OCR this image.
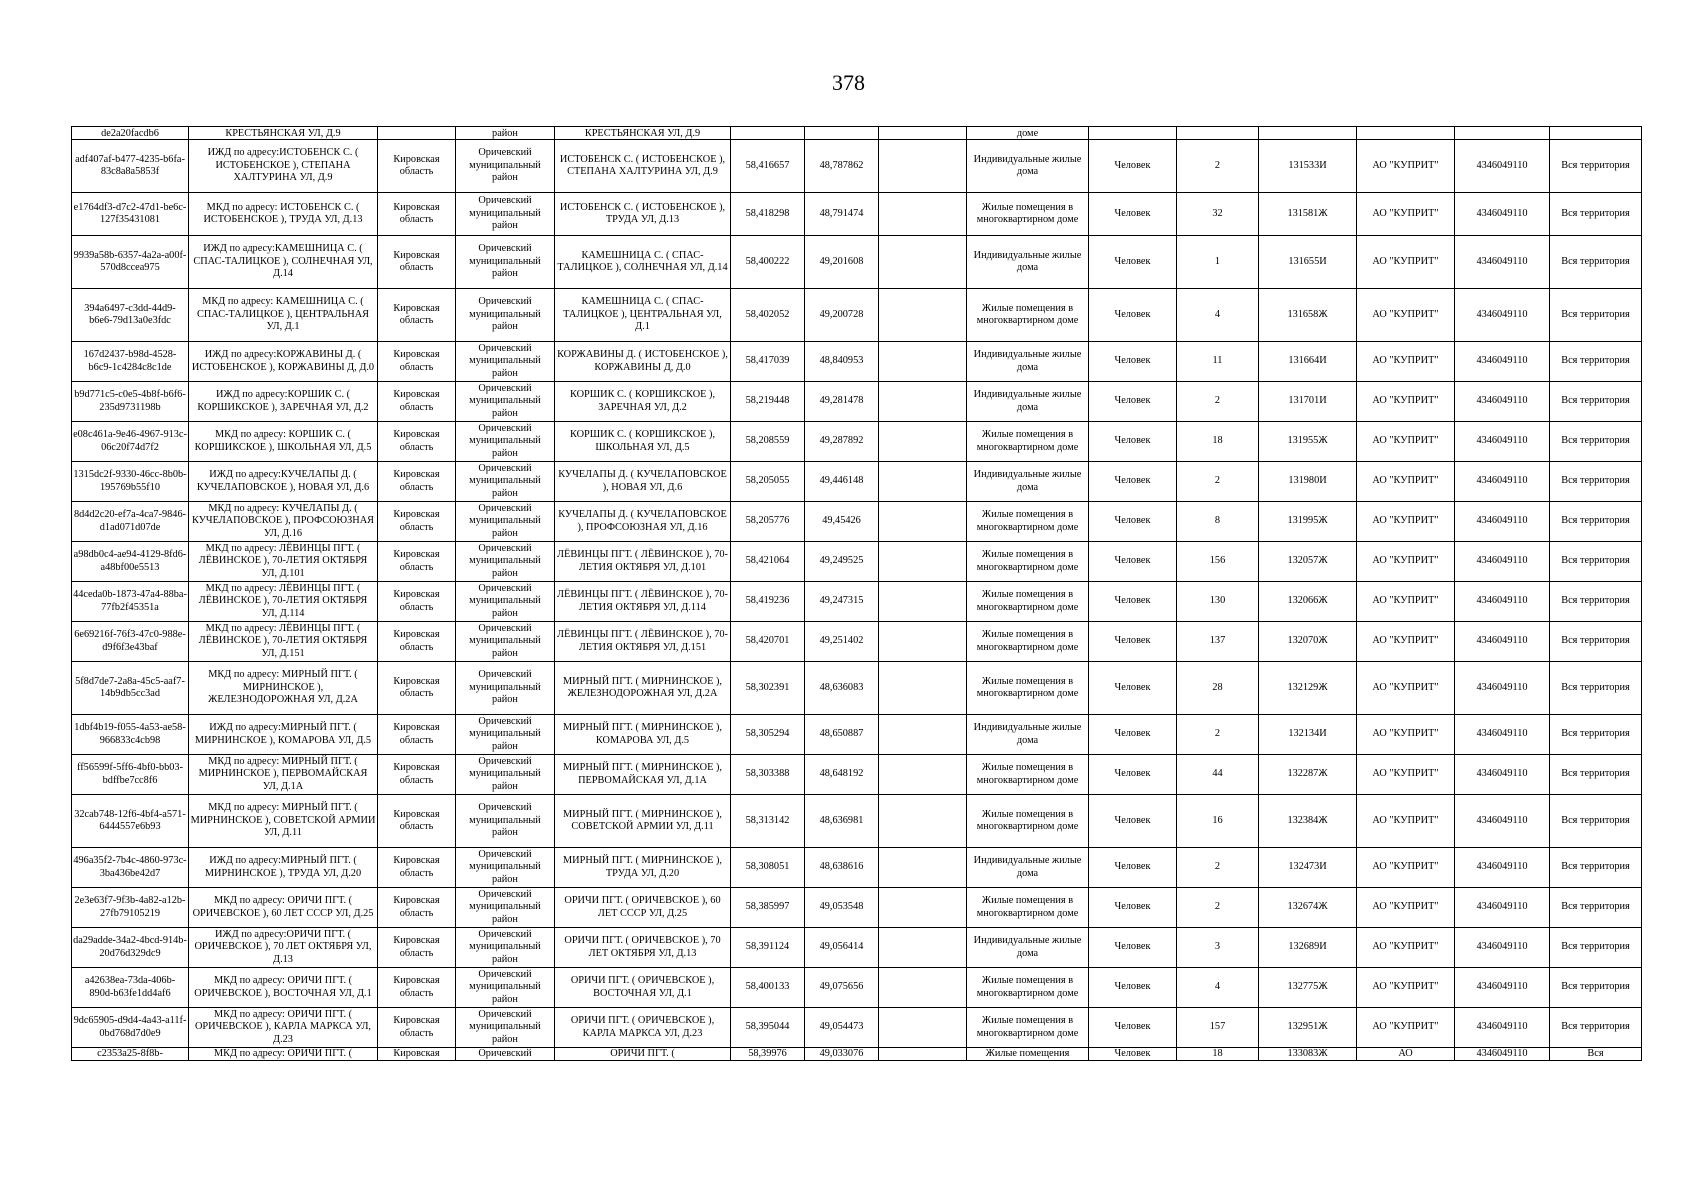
378
de2a20facdb6	КРЕСТЬЯНСКАЯ УЛ, Д.9		район	КРЕСТЬЯНСКАЯ УЛ, Д.9				доме						
adf407af-b477-4235-b6fa-83c8a8a5853f	ИЖД по адресу:ИСТОБЕНСК С. ( ИСТОБЕНСКОЕ ), СТЕПАНА ХАЛТУРИНА УЛ, Д.9	Кировская область	Оричевский муниципальный район	ИСТОБЕНСК С. ( ИСТОБЕНСКОЕ ), СТЕПАНА ХАЛТУРИНА УЛ, Д.9	58,416657	48,787862		Индивидуальные жилые дома	Человек	2	131533И	АО "КУПРИТ"	4346049110	Вся территория
e1764df3-d7c2-47d1-be6c-127f35431081	МКД по адресу: ИСТОБЕНСК С. ( ИСТОБЕНСКОЕ ), ТРУДА УЛ, Д.13	Кировская область	Оричевский муниципальный район	ИСТОБЕНСК С. ( ИСТОБЕНСКОЕ ), ТРУДА УЛ, Д.13	58,418298	48,791474		Жилые помещения в многоквартирном доме	Человек	32	131581Ж	АО "КУПРИТ"	4346049110	Вся территория
9939a58b-6357-4a2a-a00f-570d8ccea975	ИЖД по адресу:КАМЕШНИЦА С. ( СПАС-ТАЛИЦКОЕ ), СОЛНЕЧНАЯ УЛ, Д.14	Кировская область	Оричевский муниципальный район	КАМЕШНИЦА С. ( СПАС-ТАЛИЦКОЕ ), СОЛНЕЧНАЯ УЛ, Д.14	58,400222	49,201608		Индивидуальные жилые дома	Человек	1	131655И	АО "КУПРИТ"	4346049110	Вся территория
394a6497-c3dd-44d9-b6e6-79d13a0e3fdc	МКД по адресу: КАМЕШНИЦА С. ( СПАС-ТАЛИЦКОЕ ), ЦЕНТРАЛЬНАЯ УЛ, Д.1	Кировская область	Оричевский муниципальный район	КАМЕШНИЦА С. ( СПАС-ТАЛИЦКОЕ ), ЦЕНТРАЛЬНАЯ УЛ, Д.1	58,402052	49,200728		Жилые помещения в многоквартирном доме	Человек	4	131658Ж	АО "КУПРИТ"	4346049110	Вся территория
167d2437-b98d-4528-b6c9-1c4284c8c1de	ИЖД по адресу:КОРЖАВИНЫ Д. ( ИСТОБЕНСКОЕ ), КОРЖАВИНЫ Д, Д.0	Кировская область	Оричевский муниципальный район	КОРЖАВИНЫ Д. ( ИСТОБЕНСКОЕ ), КОРЖАВИНЫ Д, Д.0	58,417039	48,840953		Индивидуальные жилые дома	Человек	11	131664И	АО "КУПРИТ"	4346049110	Вся территория
b9d771c5-c0e5-4b8f-b6f6-235d9731198b	ИЖД по адресу:КОРШИК С. ( КОРШИКСКОЕ ), ЗАРЕЧНАЯ УЛ, Д.2	Кировская область	Оричевский муниципальный район	КОРШИК С. ( КОРШИКСКОЕ ), ЗАРЕЧНАЯ УЛ, Д.2	58,219448	49,281478		Индивидуальные жилые дома	Человек	2	131701И	АО "КУПРИТ"	4346049110	Вся территория
e08c461a-9e46-4967-913c-06c20f74d7f2	МКД по адресу: КОРШИК С. ( КОРШИКСКОЕ ), ШКОЛЬНАЯ УЛ, Д.5	Кировская область	Оричевский муниципальный район	КОРШИК С. ( КОРШИКСКОЕ ), ШКОЛЬНАЯ УЛ, Д.5	58,208559	49,287892		Жилые помещения в многоквартирном доме	Человек	18	131955Ж	АО "КУПРИТ"	4346049110	Вся территория
1315dc2f-9330-46cc-8b0b-195769b55f10	ИЖД по адресу:КУЧЕЛАПЫ Д. ( КУЧЕЛАПОВСКОЕ ), НОВАЯ УЛ, Д.6	Кировская область	Оричевский муниципальный район	КУЧЕЛАПЫ Д. ( КУЧЕЛАПОВСКОЕ ), НОВАЯ УЛ, Д.6	58,205055	49,446148		Индивидуальные жилые дома	Человек	2	131980И	АО "КУПРИТ"	4346049110	Вся территория
8d4d2c20-ef7a-4ca7-9846-d1ad071d07de	МКД по адресу: КУЧЕЛАПЫ Д. ( КУЧЕЛАПОВСКОЕ ), ПРОФСОЮЗНАЯ УЛ, Д.16	Кировская область	Оричевский муниципальный район	КУЧЕЛАПЫ Д. ( КУЧЕЛАПОВСКОЕ ), ПРОФСОЮЗНАЯ УЛ, Д.16	58,205776	49,45426		Жилые помещения в многоквартирном доме	Человек	8	131995Ж	АО "КУПРИТ"	4346049110	Вся территория
a98db0c4-ae94-4129-8fd6-a48bf00e5513	МКД по адресу: ЛЁВИНЦЫ ПГТ. ( ЛЁВИНСКОЕ ), 70-ЛЕТИЯ ОКТЯБРЯ УЛ, Д.101	Кировская область	Оричевский муниципальный район	ЛЁВИНЦЫ ПГТ. ( ЛЁВИНСКОЕ ), 70-ЛЕТИЯ ОКТЯБРЯ УЛ, Д.101	58,421064	49,249525		Жилые помещения в многоквартирном доме	Человек	156	132057Ж	АО "КУПРИТ"	4346049110	Вся территория
44ceda0b-1873-47a4-88ba-77fb2f45351a	МКД по адресу: ЛЁВИНЦЫ ПГТ. ( ЛЁВИНСКОЕ ), 70-ЛЕТИЯ ОКТЯБРЯ УЛ, Д.114	Кировская область	Оричевский муниципальный район	ЛЁВИНЦЫ ПГТ. ( ЛЁВИНСКОЕ ), 70-ЛЕТИЯ ОКТЯБРЯ УЛ, Д.114	58,419236	49,247315		Жилые помещения в многоквартирном доме	Человек	130	132066Ж	АО "КУПРИТ"	4346049110	Вся территория
6e69216f-76f3-47c0-988e-d9f6f3e43baf	МКД по адресу: ЛЁВИНЦЫ ПГТ. ( ЛЁВИНСКОЕ ), 70-ЛЕТИЯ ОКТЯБРЯ УЛ, Д.151	Кировская область	Оричевский муниципальный район	ЛЁВИНЦЫ ПГТ. ( ЛЁВИНСКОЕ ), 70-ЛЕТИЯ ОКТЯБРЯ УЛ, Д.151	58,420701	49,251402		Жилые помещения в многоквартирном доме	Человек	137	132070Ж	АО "КУПРИТ"	4346049110	Вся территория
5f8d7de7-2a8a-45c5-aaf7-14b9db5cc3ad	МКД по адресу: МИРНЫЙ ПГТ. ( МИРНИНСКОЕ ), ЖЕЛЕЗНОДОРОЖНАЯ УЛ, Д.2А	Кировская область	Оричевский муниципальный район	МИРНЫЙ ПГТ. ( МИРНИНСКОЕ ), ЖЕЛЕЗНОДОРОЖНАЯ УЛ, Д.2А	58,302391	48,636083		Жилые помещения в многоквартирном доме	Человек	28	132129Ж	АО "КУПРИТ"	4346049110	Вся территория
1dbf4b19-f055-4a53-ae58-966833c4cb98	ИЖД по адресу:МИРНЫЙ ПГТ. ( МИРНИНСКОЕ ), КОМАРОВА УЛ, Д.5	Кировская область	Оричевский муниципальный район	МИРНЫЙ ПГТ. ( МИРНИНСКОЕ ), КОМАРОВА УЛ, Д.5	58,305294	48,650887		Индивидуальные жилые дома	Человек	2	132134И	АО "КУПРИТ"	4346049110	Вся территория
ff56599f-5ff6-4bf0-bb03-bdffbe7cc8f6	МКД по адресу: МИРНЫЙ ПГТ. ( МИРНИНСКОЕ ), ПЕРВОМАЙСКАЯ УЛ, Д.1А	Кировская область	Оричевский муниципальный район	МИРНЫЙ ПГТ. ( МИРНИНСКОЕ ), ПЕРВОМАЙСКАЯ УЛ, Д.1А	58,303388	48,648192		Жилые помещения в многоквартирном доме	Человек	44	132287Ж	АО "КУПРИТ"	4346049110	Вся территория
32cab748-12f6-4bf4-a571-6444557e6b93	МКД по адресу: МИРНЫЙ ПГТ. ( МИРНИНСКОЕ ), СОВЕТСКОЙ АРМИИ УЛ, Д.11	Кировская область	Оричевский муниципальный район	МИРНЫЙ ПГТ. ( МИРНИНСКОЕ ), СОВЕТСКОЙ АРМИИ УЛ, Д.11	58,313142	48,636981		Жилые помещения в многоквартирном доме	Человек	16	132384Ж	АО "КУПРИТ"	4346049110	Вся территория
496a35f2-7b4c-4860-973c-3ba436be42d7	ИЖД по адресу:МИРНЫЙ ПГТ. ( МИРНИНСКОЕ ), ТРУДА УЛ, Д.20	Кировская область	Оричевский муниципальный район	МИРНЫЙ ПГТ. ( МИРНИНСКОЕ ), ТРУДА УЛ, Д.20	58,308051	48,638616		Индивидуальные жилые дома	Человек	2	132473И	АО "КУПРИТ"	4346049110	Вся территория
2e3e63f7-9f3b-4a82-a12b-27fb79105219	МКД по адресу: ОРИЧИ ПГТ. ( ОРИЧЕВСКОЕ ), 60 ЛЕТ СССР УЛ, Д.25	Кировская область	Оричевский муниципальный район	ОРИЧИ ПГТ. ( ОРИЧЕВСКОЕ ), 60 ЛЕТ СССР УЛ, Д.25	58,385997	49,053548		Жилые помещения в многоквартирном доме	Человек	2	132674Ж	АО "КУПРИТ"	4346049110	Вся территория
da29adde-34a2-4bcd-914b-20d76d329dc9	ИЖД по адресу:ОРИЧИ ПГТ. ( ОРИЧЕВСКОЕ ), 70 ЛЕТ ОКТЯБРЯ УЛ, Д.13	Кировская область	Оричевский муниципальный район	ОРИЧИ ПГТ. ( ОРИЧЕВСКОЕ ), 70 ЛЕТ ОКТЯБРЯ УЛ, Д.13	58,391124	49,056414		Индивидуальные жилые дома	Человек	3	132689И	АО "КУПРИТ"	4346049110	Вся территория
a42638ea-73da-406b-890d-b63fe1dd4af6	МКД по адресу: ОРИЧИ ПГТ. ( ОРИЧЕВСКОЕ ), ВОСТОЧНАЯ УЛ, Д.1	Кировская область	Оричевский муниципальный район	ОРИЧИ ПГТ. ( ОРИЧЕВСКОЕ ), ВОСТОЧНАЯ УЛ, Д.1	58,400133	49,075656		Жилые помещения в многоквартирном доме	Человек	4	132775Ж	АО "КУПРИТ"	4346049110	Вся территория
9dc65905-d9d4-4a43-a11f-0bd768d7d0e9	МКД по адресу: ОРИЧИ ПГТ. ( ОРИЧЕВСКОЕ ), КАРЛА МАРКСА УЛ, Д.23	Кировская область	Оричевский муниципальный район	ОРИЧИ ПГТ. ( ОРИЧЕВСКОЕ ), КАРЛА МАРКСА УЛ, Д.23	58,395044	49,054473		Жилые помещения в многоквартирном доме	Человек	157	132951Ж	АО "КУПРИТ"	4346049110	Вся территория
c2353a25-8f8b-	МКД по адресу: ОРИЧИ ПГТ. (	Кировская	Оричевский	ОРИЧИ ПГТ. (	58,39976	49,033076		Жилые помещения	Человек	18	133083Ж	АО	4346049110	Вся
